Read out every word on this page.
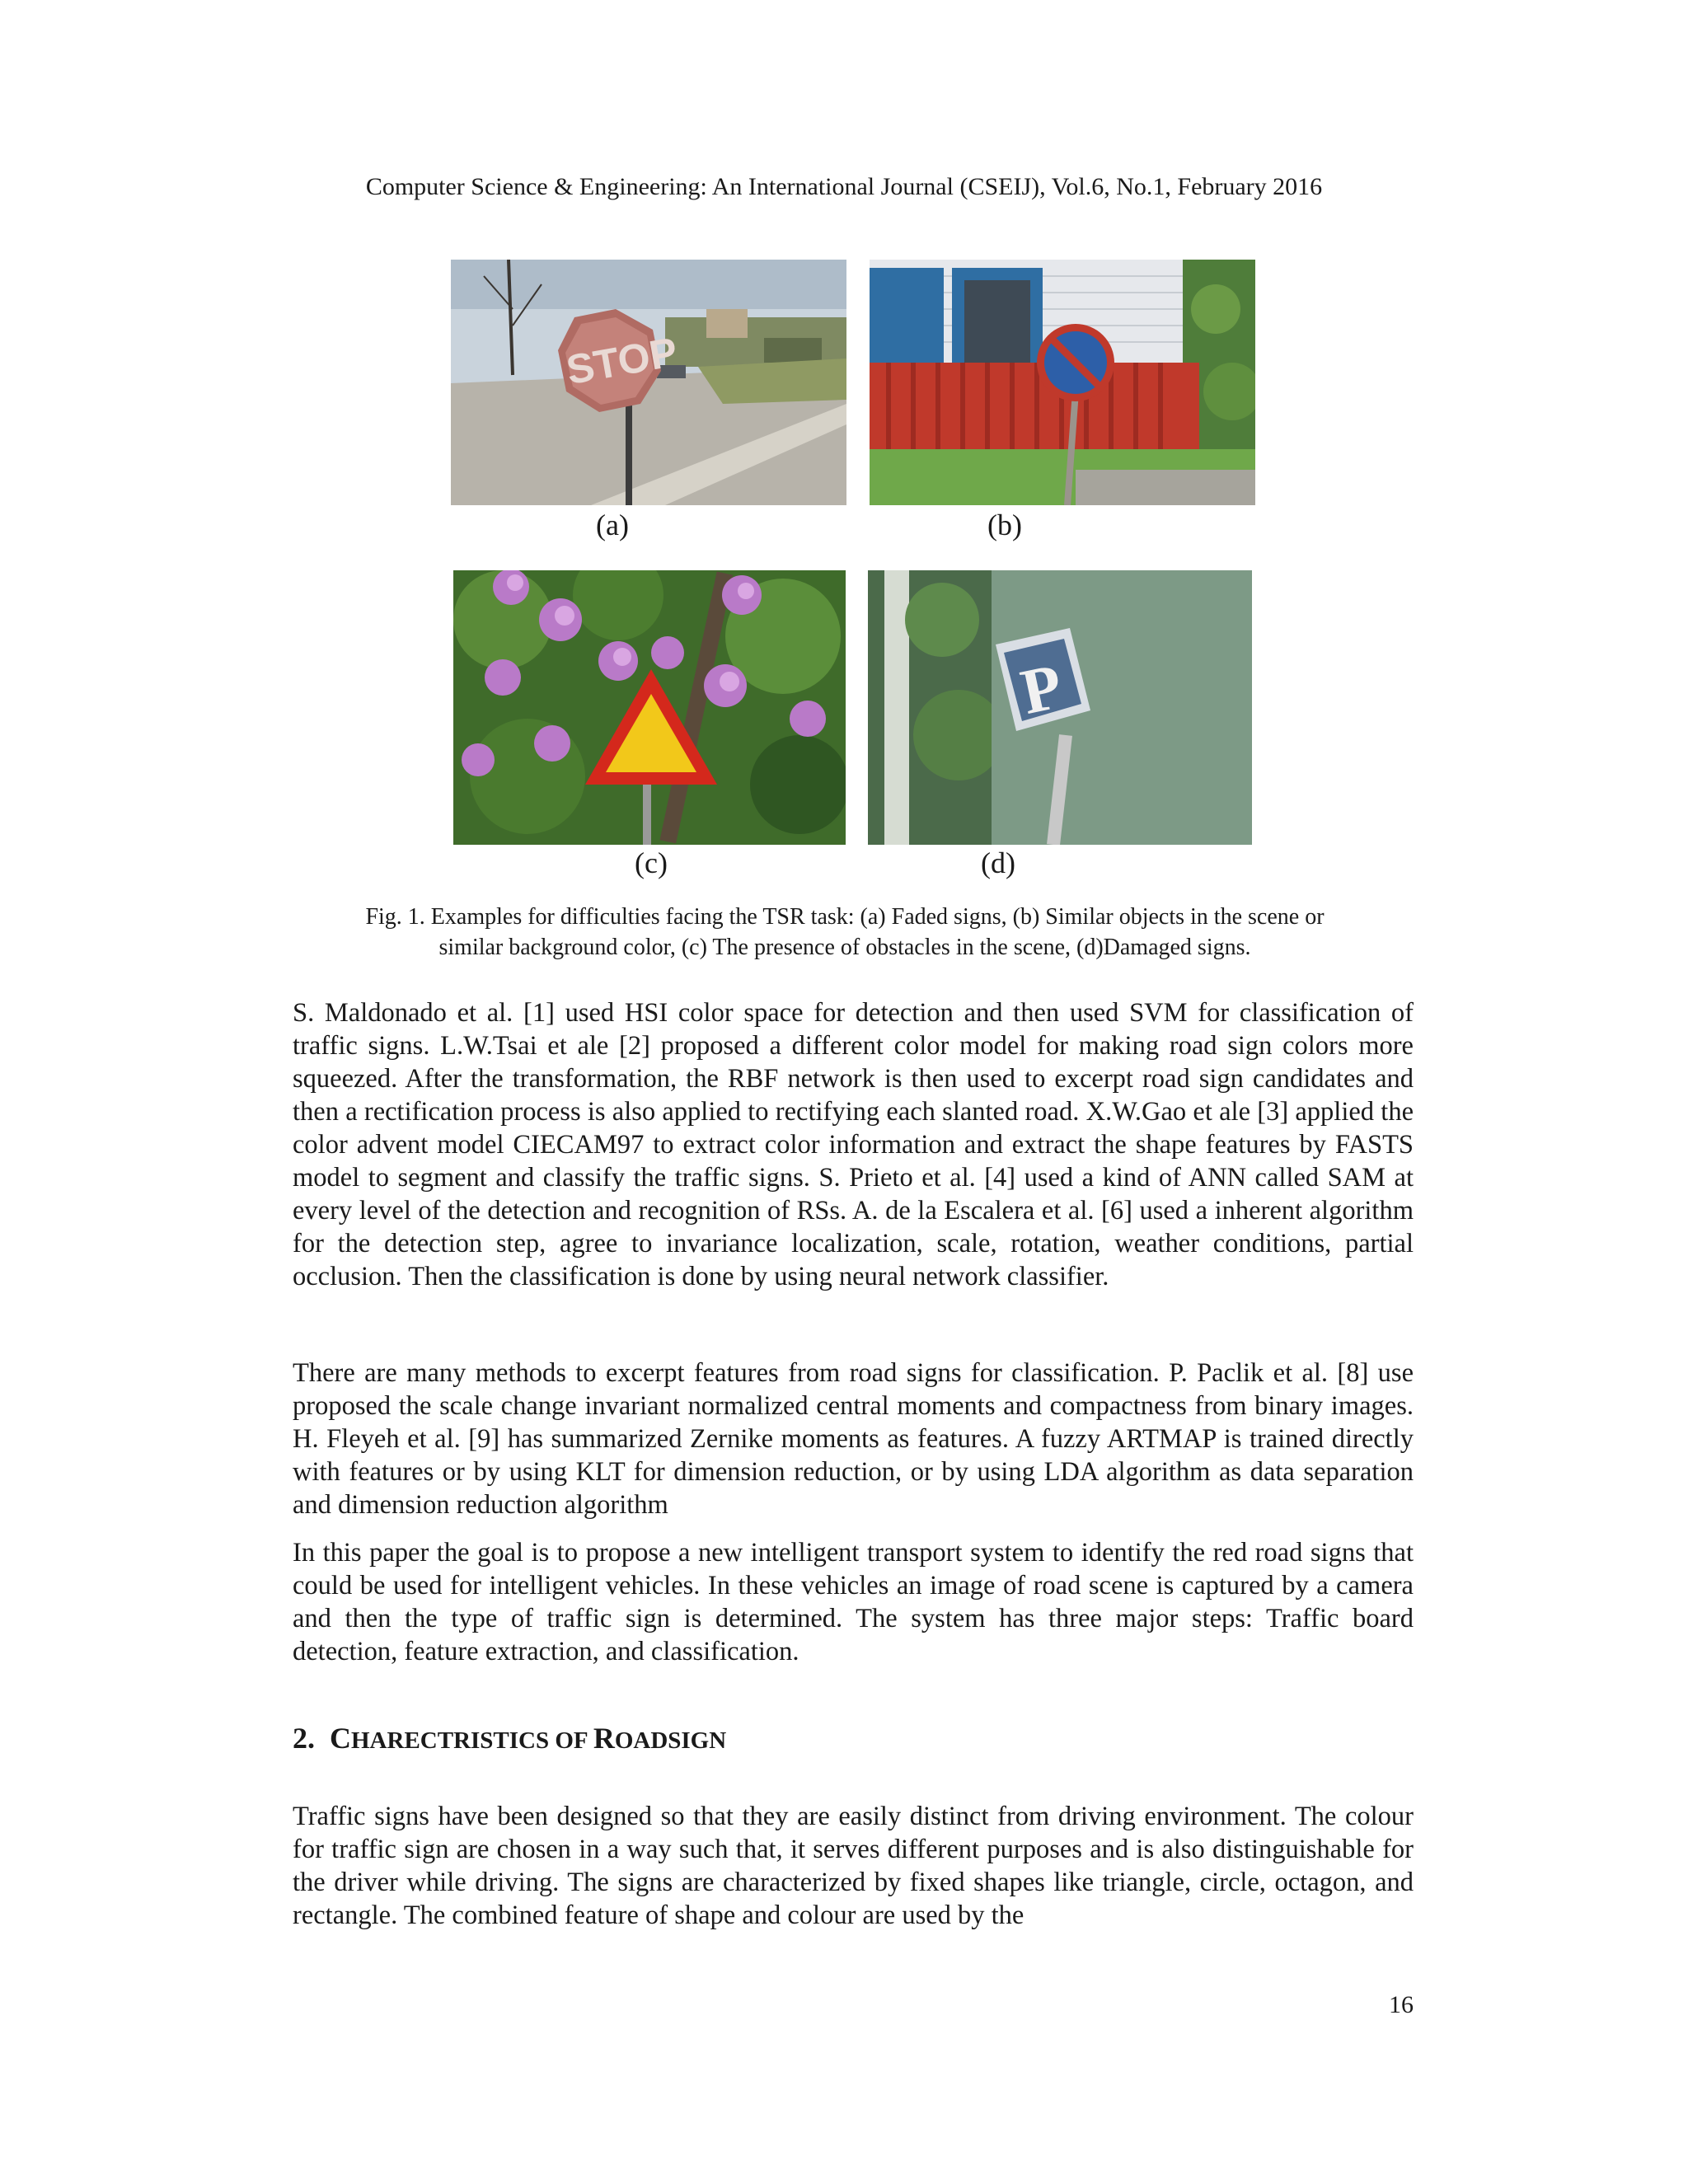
Computer Science & Engineering: An International Journal (CSEIJ), Vol.6, No.1, February 2016
STOP
P
(a)	(b)
(c)	(d)
Fig. 1. Examples for difficulties facing the TSR task: (a) Faded signs, (b) Similar objects in the scene or
similar background color, (c) The presence of obstacles in the scene, (d)Damaged signs.

S. Maldonado et al. [1] used HSI color space for detection and then used SVM for classification of traffic signs. L.W.Tsai et ale [2] proposed a different color model for making road sign colors more squeezed. After the transformation, the RBF network is then used to excerpt road sign candidates and then a rectification process is also applied to rectifying each slanted road. X.W.Gao et ale [3] applied the color advent model CIECAM97 to extract color information and extract the shape features by FASTS model to segment and classify the traffic signs. S. Prieto et al. [4] used a kind of ANN called SAM at every level of the detection and recognition of RSs. A. de la Escalera et al. [6] used a inherent algorithm for the detection step, agree to invariance localization, scale, rotation, weather conditions, partial occlusion. Then the classification is done by using neural network classifier.

There are many methods to excerpt features from road signs for classification. P. Paclik et al. [8] use proposed the scale change invariant normalized central moments and compactness from binary images. H. Fleyeh et al. [9] has summarized Zernike moments as features. A fuzzy ARTMAP is trained directly with features or by using KLT for dimension reduction, or by using LDA algorithm as data separation and dimension reduction algorithm

In this paper the goal is to propose a new intelligent transport system to identify the red road signs that could be used for intelligent vehicles. In these vehicles an image of road scene is captured by a camera and then the type of traffic sign is determined. The system has three major steps: Traffic board detection, feature extraction, and classification.

2. CHARECTRISTICS OF ROADSIGN

Traffic signs have been designed so that they are easily distinct from driving environment. The colour for traffic sign are chosen in a way such that, it serves different purposes and is also distinguishable for the driver while driving. The signs are characterized by fixed shapes like triangle, circle, octagon, and rectangle. The combined feature of shape and colour are used by the

16
